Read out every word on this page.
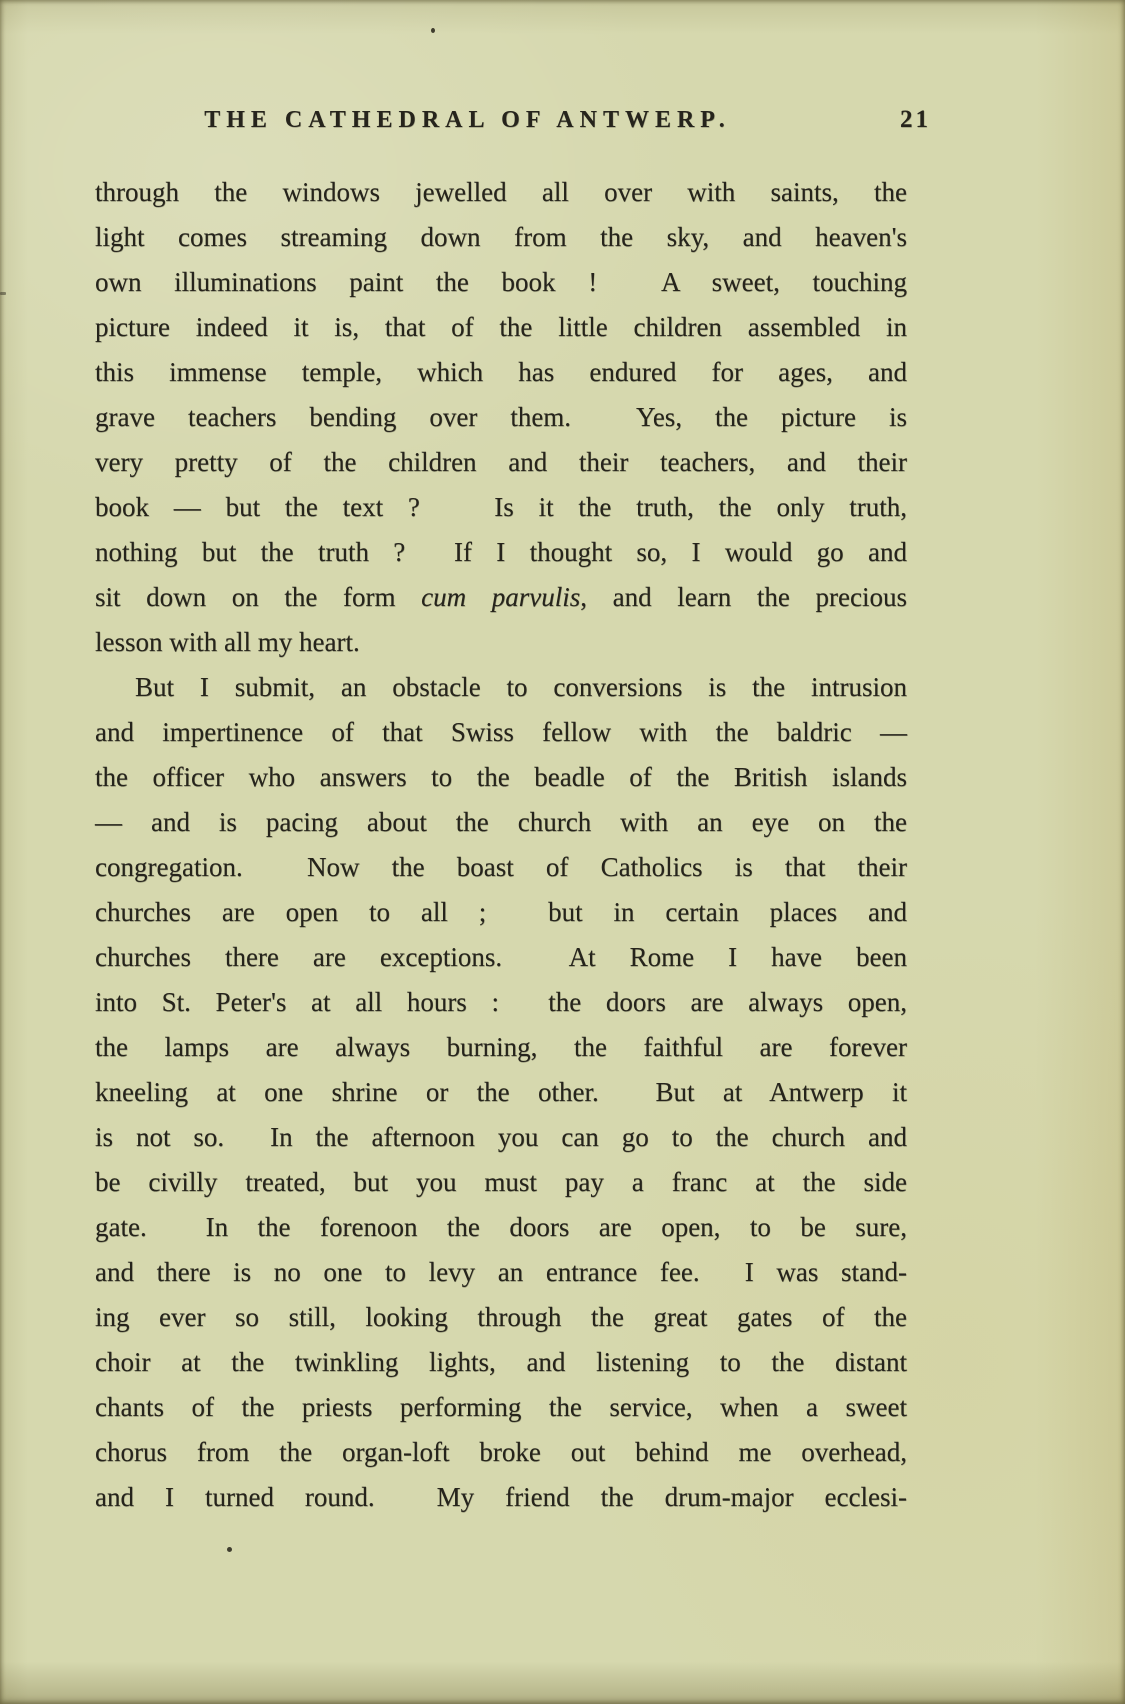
THE CATHEDRAL OF ANTWERP.	21
through the windows jewelled all over with saints, the
light comes streaming down from the sky, and heaven's
own illuminations paint the book !  A sweet, touching
picture indeed it is, that of the little children assembled in
this immense temple, which has endured for ages, and
grave teachers bending over them.  Yes, the picture is
very pretty of the children and their teachers, and their
book — but the text ?   Is it the truth, the only truth,
nothing but the truth ?  If I thought so, I would go and
sit down on the form cum parvulis, and learn the precious
lesson with all my heart.
But I submit, an obstacle to conversions is the intrusion
and impertinence of that Swiss fellow with the baldric —
the officer who answers to the beadle of the British islands
— and is pacing about the church with an eye on the
congregation.  Now the boast of Catholics is that their
churches are open to all ;  but in certain places and
churches there are exceptions.  At Rome I have been
into St. Peter's at all hours :  the doors are always open,
the lamps are always burning, the faithful are forever
kneeling at one shrine or the other.  But at Antwerp it
is not so.  In the afternoon you can go to the church and
be civilly treated, but you must pay a franc at the side
gate.  In the forenoon the doors are open, to be sure,
and there is no one to levy an entrance fee.  I was stand-
ing ever so still, looking through the great gates of the
choir at the twinkling lights, and listening to the distant
chants of the priests performing the service, when a sweet
chorus from the organ-loft broke out behind me overhead,
and I turned round.  My friend the drum-major ecclesi-
